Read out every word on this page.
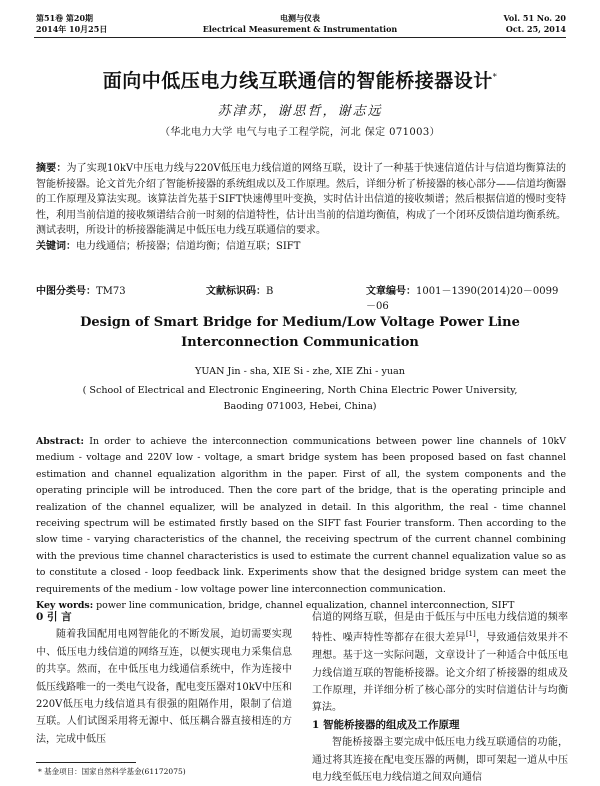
第51卷 第20期
2014年 10月25日
电测与仪表
Electrical Measurement & Instrumentation
Vol. 51 No. 20
Oct. 25, 2014
面向中低压电力线互联通信的智能桥接器设计*
苏津苏，谢思哲，谢志远
（华北电力大学 电气与电子工程学院，河北 保定 071003）
摘要：为了实现10kV中压电力线与220V低压电力线信道的网络互联，设计了一种基于快速信道估计与信道均衡算法的智能桥接器。论文首先介绍了智能桥接器的系统组成以及工作原理。然后，详细分析了桥接器的核心部分——信道均衡器的工作原理及算法实现。该算法首先基于SIFT快速傅里叶变换，实时估计出信道的接收频谱；然后根据信道的慢时变特性，利用当前信道的接收频谱结合前一时刻的信道特性，估计出当前的信道均衡值，构成了一个闭环反馈信道均衡系统。测试表明，所设计的桥接器能满足中低压电力线互联通信的要求。
关键词：电力线通信；桥接器；信道均衡；信道互联；SIFT
中图分类号：TM73	文献标识码：B	文章编号：1001－1390(2014)20－0099－06
Design of Smart Bridge for Medium/Low Voltage Power Line
Interconnection Communication
YUAN Jin - sha, XIE Si - zhe, XIE Zhi - yuan
( School of Electrical and Electronic Engineering, North China Electric Power University,
Baoding 071003, Hebei, China)
Abstract: In order to achieve the interconnection communications between power line channels of 10kV medium - voltage and 220V low - voltage, a smart bridge system has been proposed based on fast channel estimation and channel equalization algorithm in the paper. First of all, the system components and the operating principle will be introduced. Then the core part of the bridge, that is the operating principle and realization of the channel equalizer, will be analyzed in detail. In this algorithm, the real - time channel receiving spectrum will be estimated firstly based on the SIFT fast Fourier transform. Then according to the slow time - varying characteristics of the channel, the receiving spectrum of the current channel combining with the previous time channel characteristics is used to estimate the current channel equalization value so as to constitute a closed - loop feedback link. Experiments show that the designed bridge system can meet the requirements of the medium - low voltage power line interconnection communication.
Key words: power line communication, bridge, channel equalization, channel interconnection, SIFT
0 引 言
随着我国配用电网智能化的不断发展，迫切需要实现中、低压电力线信道的网络互连，以便实现电力采集信息的共享。然而，在中低压电力线通信系统中，作为连接中低压线路唯一的一类电气设备，配电变压器对10kV中压和220V低压电力线信道具有很强的阻隔作用，限制了信道互联。人们试图采用将无源中、低压耦合器直接相连的方法，完成中低压
信道的网络互联，但是由于低压与中压电力线信道的频率特性、噪声特性等都存在很大差异[1]，导致通信效果并不理想。基于这一实际问题，文章设计了一种适合中低压电力线信道互联的智能桥接器。论文介绍了桥接器的组成及工作原理，并详细分析了核心部分的实时信道估计与均衡算法。
1 智能桥接器的组成及工作原理
智能桥接器主要完成中低压电力线互联通信的功能，通过将其连接在配电变压器的两侧，即可架起一道从中压电力线至低压电力线信道之间双向通信
* 基金项目：国家自然科学基金(61172075)
